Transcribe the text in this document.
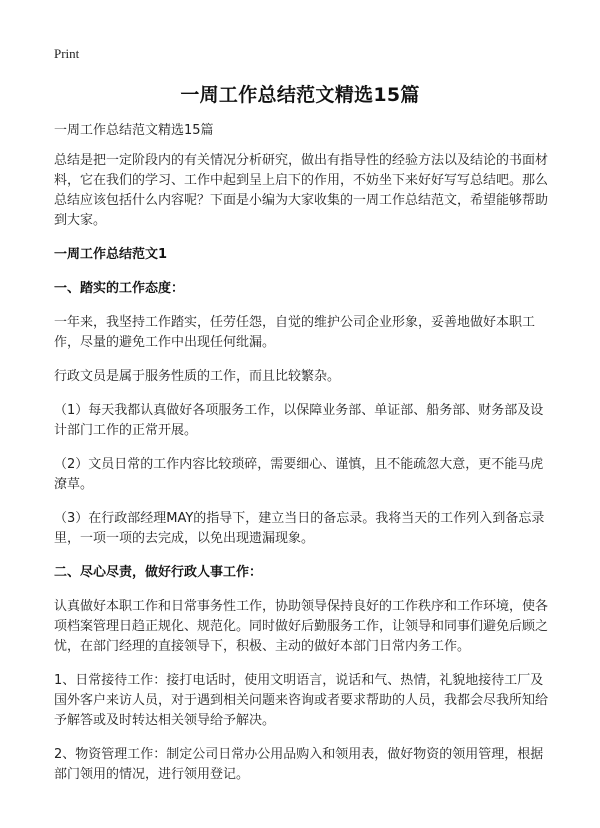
Print
一周工作总结范文精选15篇

一周工作总结范文精选15篇

总结是把一定阶段内的有关情况分析研究，做出有指导性的经验方法以及结论的书面材料，它在我们的学习、工作中起到呈上启下的作用，不妨坐下来好好写写总结吧。那么总结应该包括什么内容呢？下面是小编为大家收集的一周工作总结范文，希望能够帮助到大家。

一周工作总结范文1

一、踏实的工作态度：

一年来，我坚持工作踏实，任劳任怨，自觉的维护公司企业形象，妥善地做好本职工作，尽量的避免工作中出现任何纰漏。

行政文员是属于服务性质的工作，而且比较繁杂。

（1）每天我都认真做好各项服务工作，以保障业务部、单证部、船务部、财务部及设计部门工作的正常开展。

（2）文员日常的工作内容比较琐碎，需要细心、谨慎，且不能疏忽大意，更不能马虎潦草。

（3）在行政部经理MAY的指导下，建立当日的备忘录。我将当天的工作列入到备忘录里，一项一项的去完成，以免出现遗漏现象。

二、尽心尽责，做好行政人事工作：

认真做好本职工作和日常事务性工作，协助领导保持良好的工作秩序和工作环境，使各项档案管理日趋正规化、规范化。同时做好后勤服务工作，让领导和同事们避免后顾之忧，在部门经理的直接领导下，积极、主动的做好本部门日常内务工作。

1、日常接待工作：接打电话时，使用文明语言，说话和气、热情，礼貌地接待工厂及国外客户来访人员，对于遇到相关问题来咨询或者要求帮助的人员，我都会尽我所知给予解答或及时转达相关领导给予解决。

2、物资管理工作：制定公司日常办公用品购入和领用表，做好物资的领用管理，根据部门领用的情况，进行领用登记。
